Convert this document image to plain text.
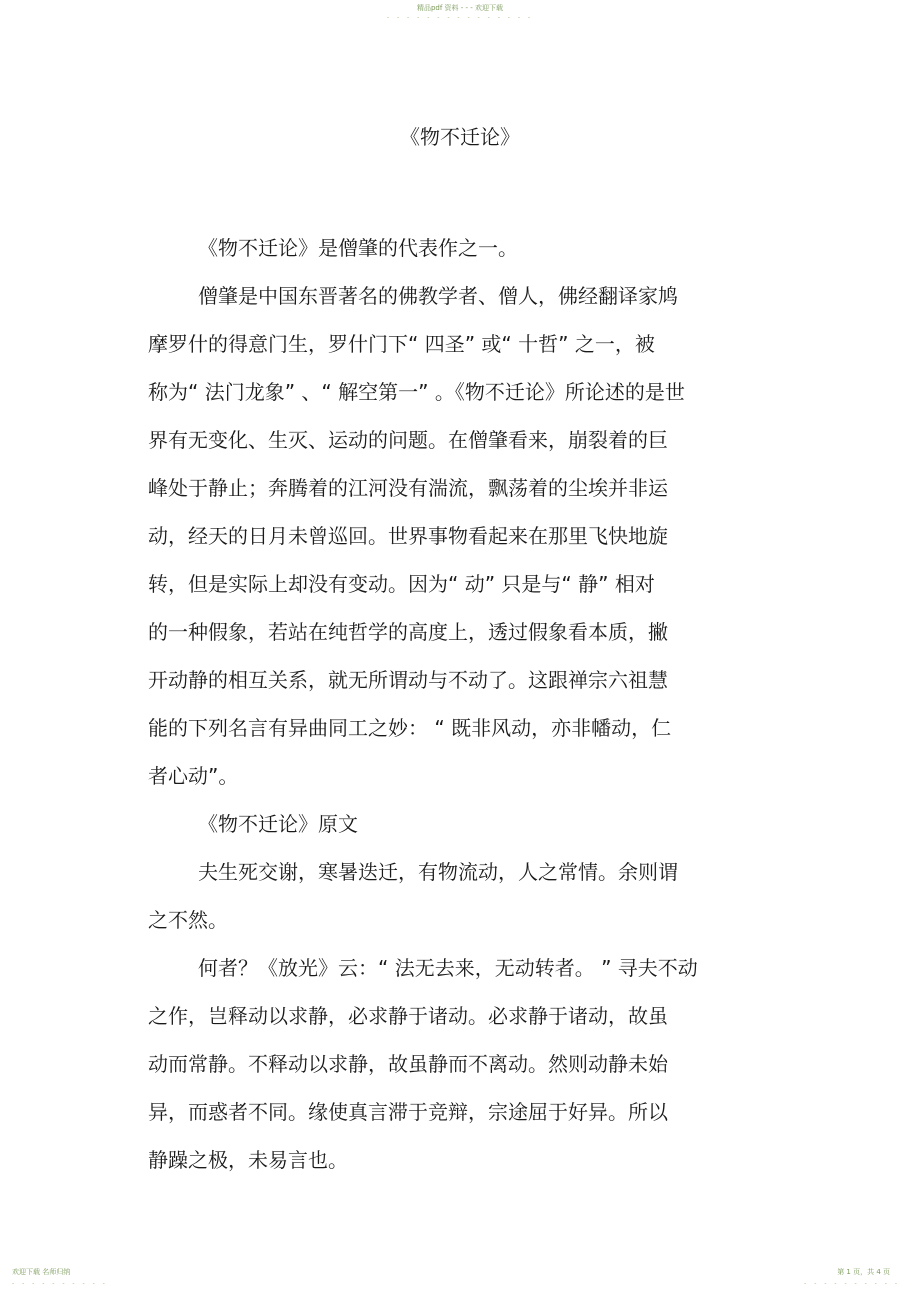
精品pdf 资料 - - - 欢迎下载
- - - - - - - - - - - - - - -
《物不迁论》
《物不迁论》是僧肇的代表作之一。
僧肇是中国东晋著名的佛教学者、僧人，佛经翻译家鸠
摩罗什的得意门生，罗什门下“ 四圣” 或“ 十哲” 之一，被
称为“ 法门龙象” 、“ 解空第一” 。《物不迁论》所论述的是世
界有无变化、生灭、运动的问题。在僧肇看来，崩裂着的巨
峰处于静止；奔腾着的江河没有湍流，飘荡着的尘埃并非运
动，经天的日月未曾巡回。世界事物看起来在那里飞快地旋
转，但是实际上却没有变动。因为“ 动” 只是与“ 静” 相对
的一种假象，若站在纯哲学的高度上，透过假象看本质，撇
开动静的相互关系，就无所谓动与不动了。这跟禅宗六祖慧
能的下列名言有异曲同工之妙： “ 既非风动，亦非幡动，仁
者心动”。
《物不迁论》原文
夫生死交谢，寒暑迭迁，有物流动，人之常情。余则谓
之不然。
何者？《放光》云：“ 法无去来，无动转者。 ” 寻夫不动
之作，岂释动以求静，必求静于诸动。必求静于诸动，故虽
动而常静。不释动以求静，故虽静而不离动。然则动静未始
异，而惑者不同。缘使真言滞于竞辩，宗途屈于好异。所以
静躁之极，未易言也。
欢迎下载 名师归纳	第 1 页，共 4 页
- - - - - - - - - -	- - - - - - - - - -
